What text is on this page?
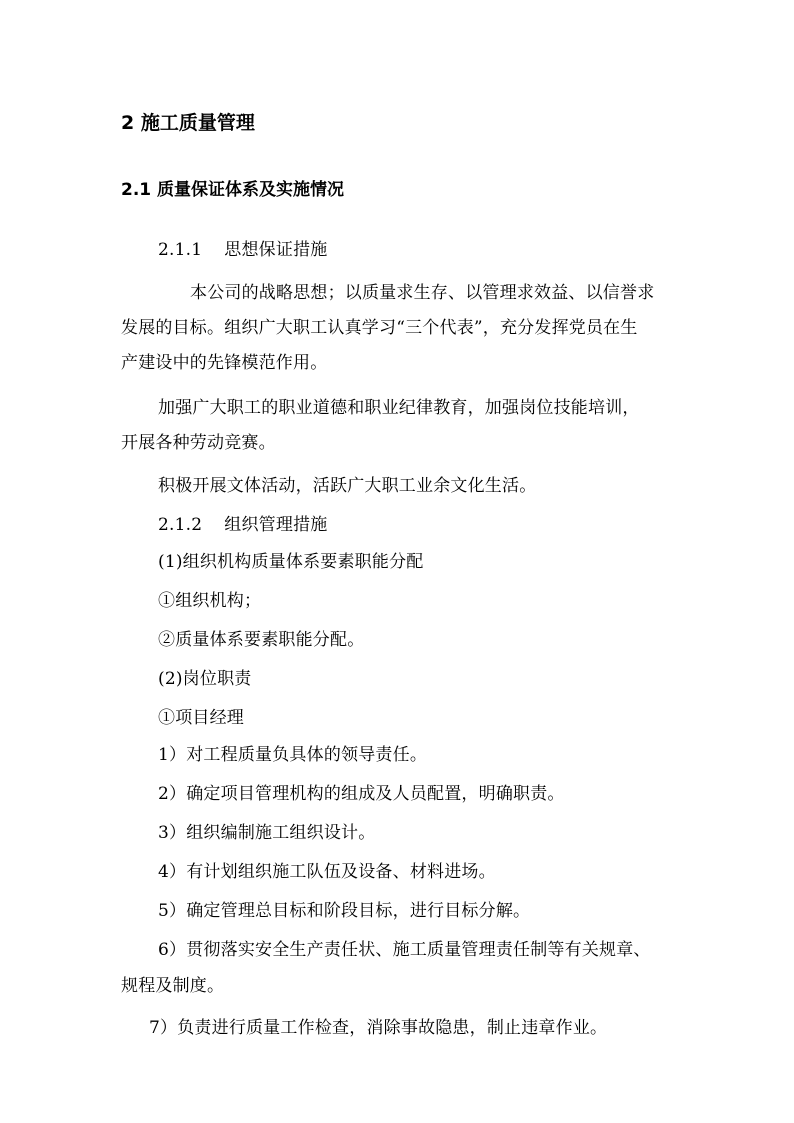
2 施工质量管理
2.1 质量保证体系及实施情况
2.1.1 思想保证措施
本公司的战略思想；以质量求生存、以管理求效益、以信誉求
发展的目标。组织广大职工认真学习“三个代表”，充分发挥党员在生
产建设中的先锋模范作用。
加强广大职工的职业道德和职业纪律教育，加强岗位技能培训，
开展各种劳动竞赛。
积极开展文体活动，活跃广大职工业余文化生活。
2.1.2 组织管理措施
(1)组织机构质量体系要素职能分配
①组织机构；
②质量体系要素职能分配。
(2)岗位职责
①项目经理
1）对工程质量负具体的领导责任。
2）确定项目管理机构的组成及人员配置，明确职责。
3）组织编制施工组织设计。
4）有计划组织施工队伍及设备、材料进场。
5）确定管理总目标和阶段目标，进行目标分解。
6）贯彻落实安全生产责任状、施工质量管理责任制等有关规章、
规程及制度。
7）负责进行质量工作检查，消除事故隐患，制止违章作业。
